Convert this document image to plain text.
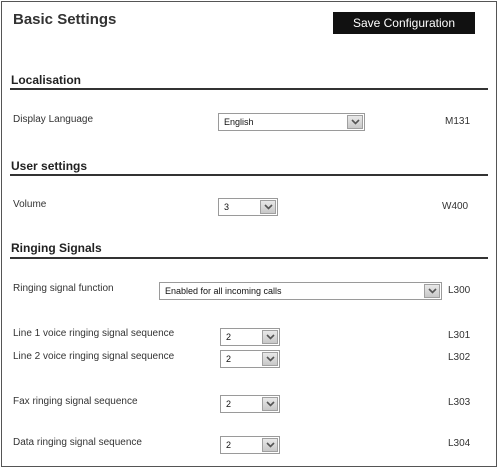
Basic Settings	Save Configuration
Localisation
Display Language	English	M131
User settings
Volume	3	W400
Ringing Signals
Ringing signal function	Enabled for all incoming calls	L300
Line 1 voice ringing signal sequence	2	L301
Line 2 voice ringing signal sequence	2	L302
Fax ringing signal sequence	2	L303
Data ringing signal sequence	2	L304
